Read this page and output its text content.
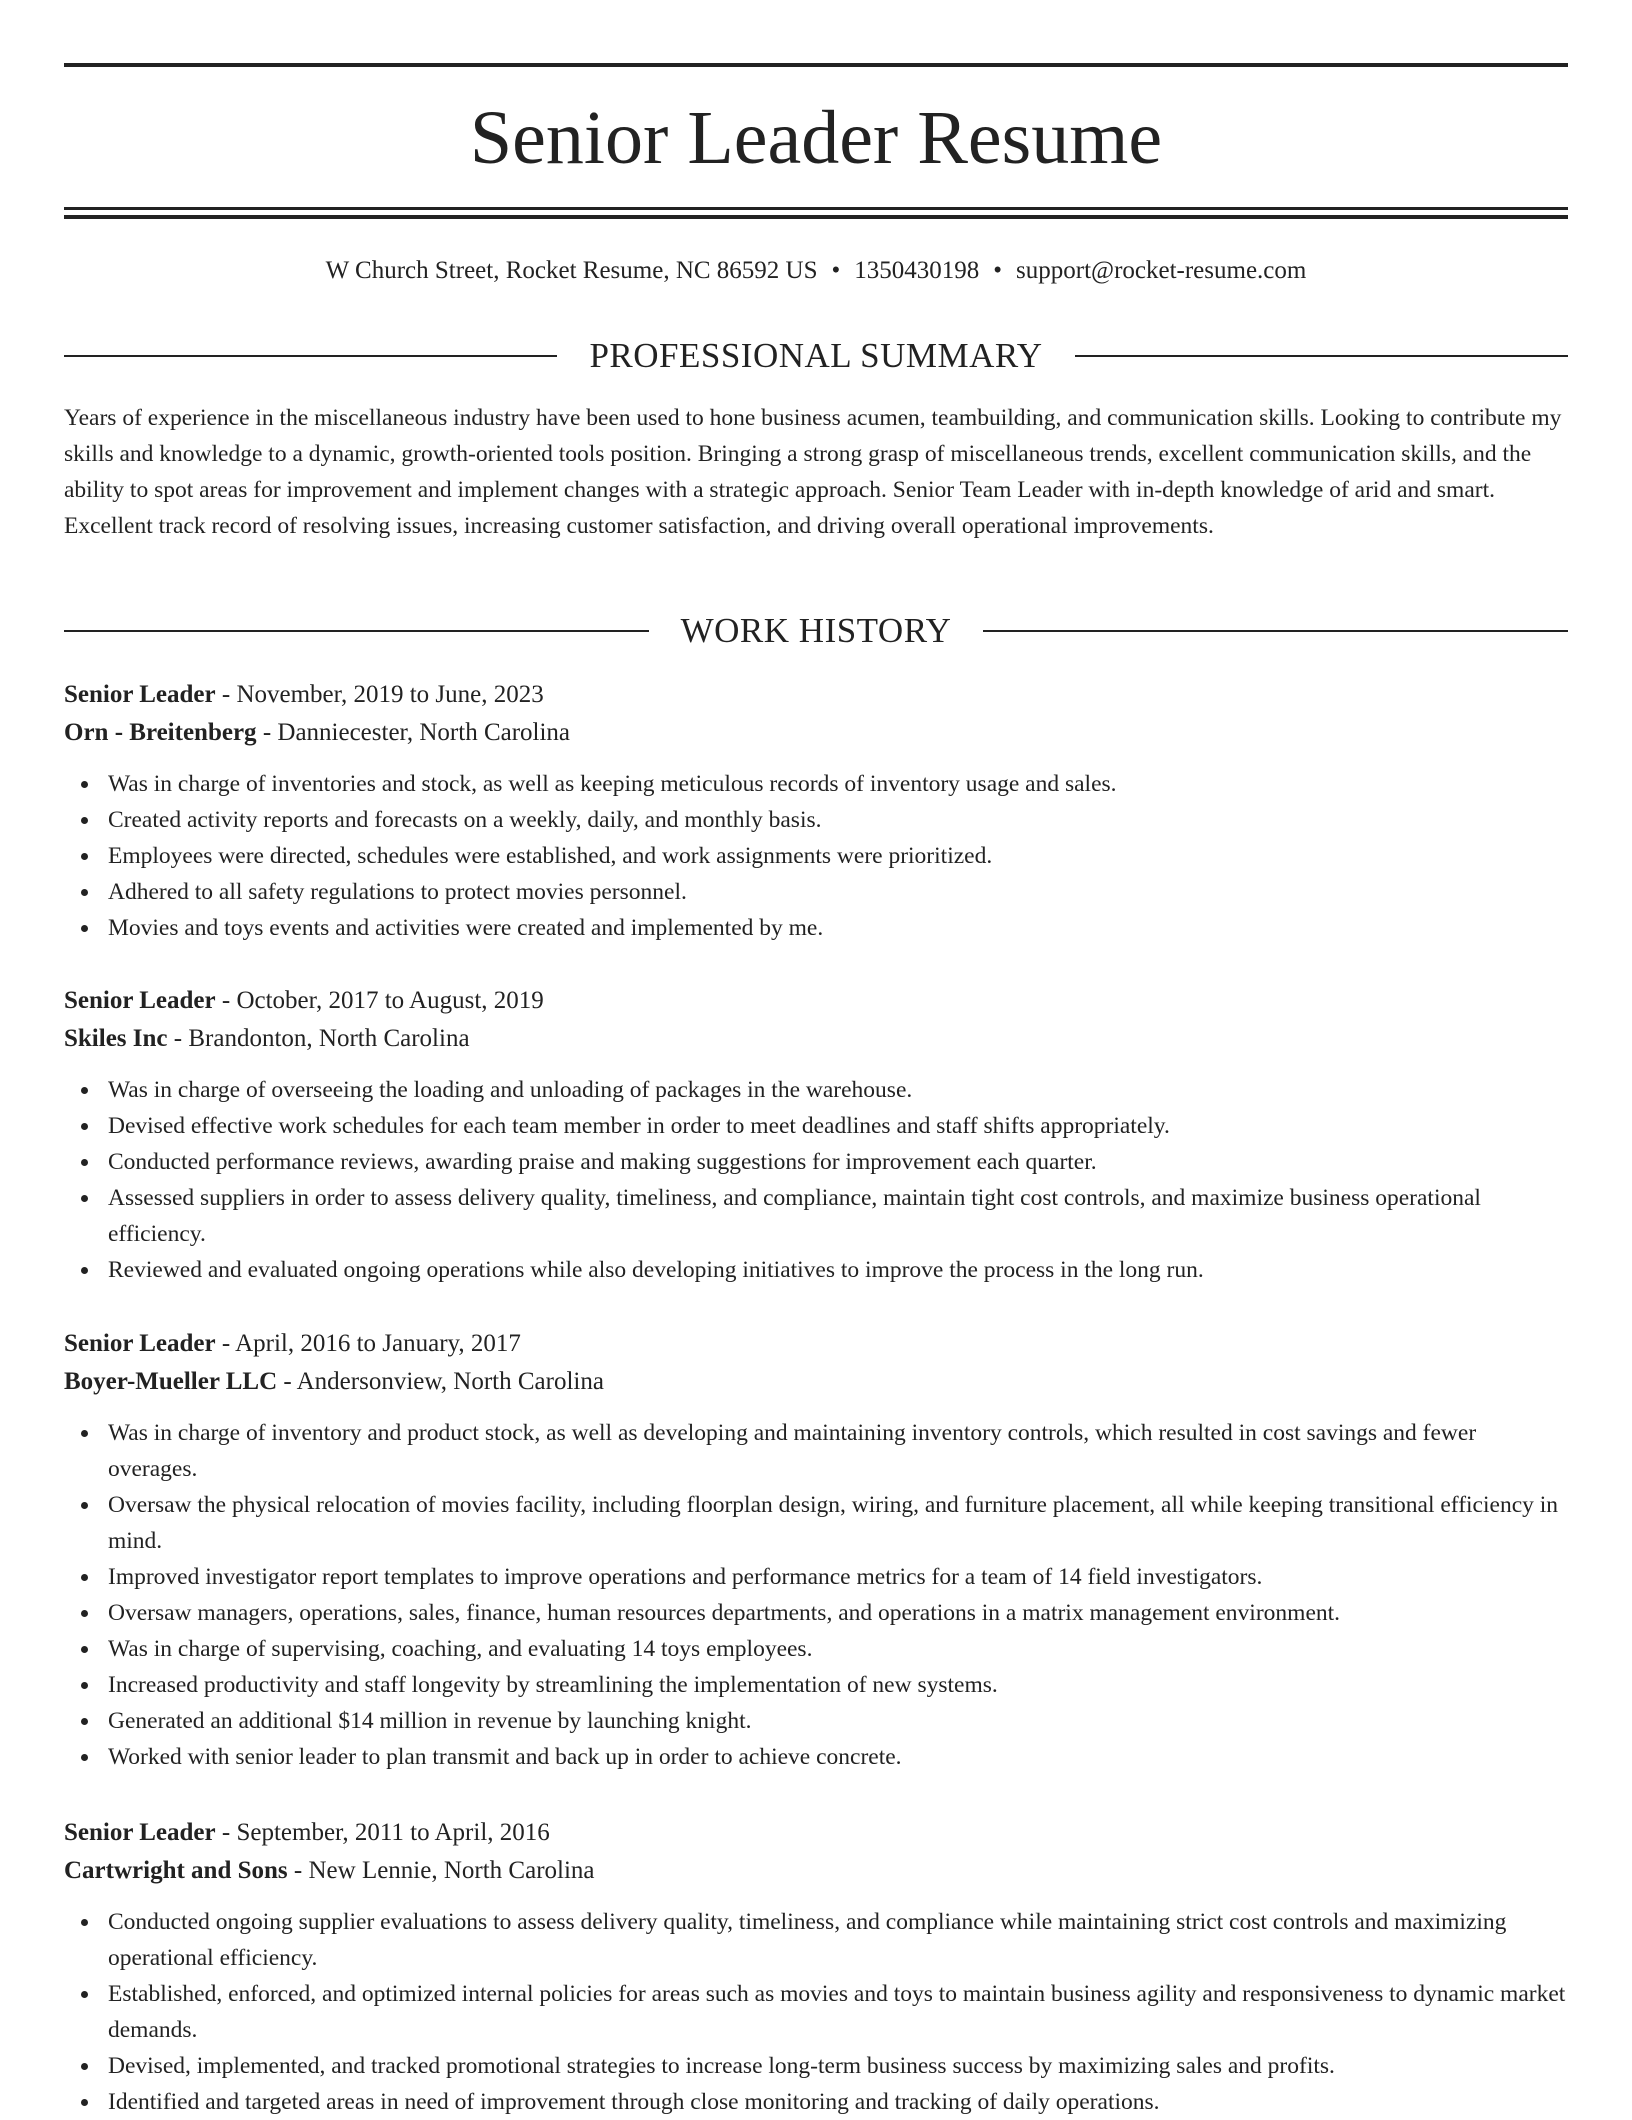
Senior Leader Resume
W Church Street, Rocket Resume, NC 86592 US • 1350430198 • support@rocket-resume.com
PROFESSIONAL SUMMARY

Years of experience in the miscellaneous industry have been used to hone business acumen, teambuilding, and communication skills. Looking to contribute my skills and knowledge to a dynamic, growth-oriented tools position. Bringing a strong grasp of miscellaneous trends, excellent communication skills, and the ability to spot areas for improvement and implement changes with a strategic approach. Senior Team Leader with in-depth knowledge of arid and smart. Excellent track record of resolving issues, increasing customer satisfaction, and driving overall operational improvements.

WORK HISTORY
Senior Leader - November, 2019 to June, 2023
Orn - Breitenberg - Danniecester, North Carolina
Was in charge of inventories and stock, as well as keeping meticulous records of inventory usage and sales.
Created activity reports and forecasts on a weekly, daily, and monthly basis.
Employees were directed, schedules were established, and work assignments were prioritized.
Adhered to all safety regulations to protect movies personnel.
Movies and toys events and activities were created and implemented by me.
Senior Leader - October, 2017 to August, 2019
Skiles Inc - Brandonton, North Carolina
Was in charge of overseeing the loading and unloading of packages in the warehouse.
Devised effective work schedules for each team member in order to meet deadlines and staff shifts appropriately.
Conducted performance reviews, awarding praise and making suggestions for improvement each quarter.
Assessed suppliers in order to assess delivery quality, timeliness, and compliance, maintain tight cost controls, and maximize business operational efficiency.
Reviewed and evaluated ongoing operations while also developing initiatives to improve the process in the long run.
Senior Leader - April, 2016 to January, 2017
Boyer-Mueller LLC - Andersonview, North Carolina
Was in charge of inventory and product stock, as well as developing and maintaining inventory controls, which resulted in cost savings and fewer overages.
Oversaw the physical relocation of movies facility, including floorplan design, wiring, and furniture placement, all while keeping transitional efficiency in mind.
Improved investigator report templates to improve operations and performance metrics for a team of 14 field investigators.
Oversaw managers, operations, sales, finance, human resources departments, and operations in a matrix management environment.
Was in charge of supervising, coaching, and evaluating 14 toys employees.
Increased productivity and staff longevity by streamlining the implementation of new systems.
Generated an additional $14 million in revenue by launching knight.
Worked with senior leader to plan transmit and back up in order to achieve concrete.
Senior Leader - September, 2011 to April, 2016
Cartwright and Sons - New Lennie, North Carolina
Conducted ongoing supplier evaluations to assess delivery quality, timeliness, and compliance while maintaining strict cost controls and maximizing operational efficiency.
Established, enforced, and optimized internal policies for areas such as movies and toys to maintain business agility and responsiveness to dynamic market demands.
Devised, implemented, and tracked promotional strategies to increase long-term business success by maximizing sales and profits.
Identified and targeted areas in need of improvement through close monitoring and tracking of daily operations.
